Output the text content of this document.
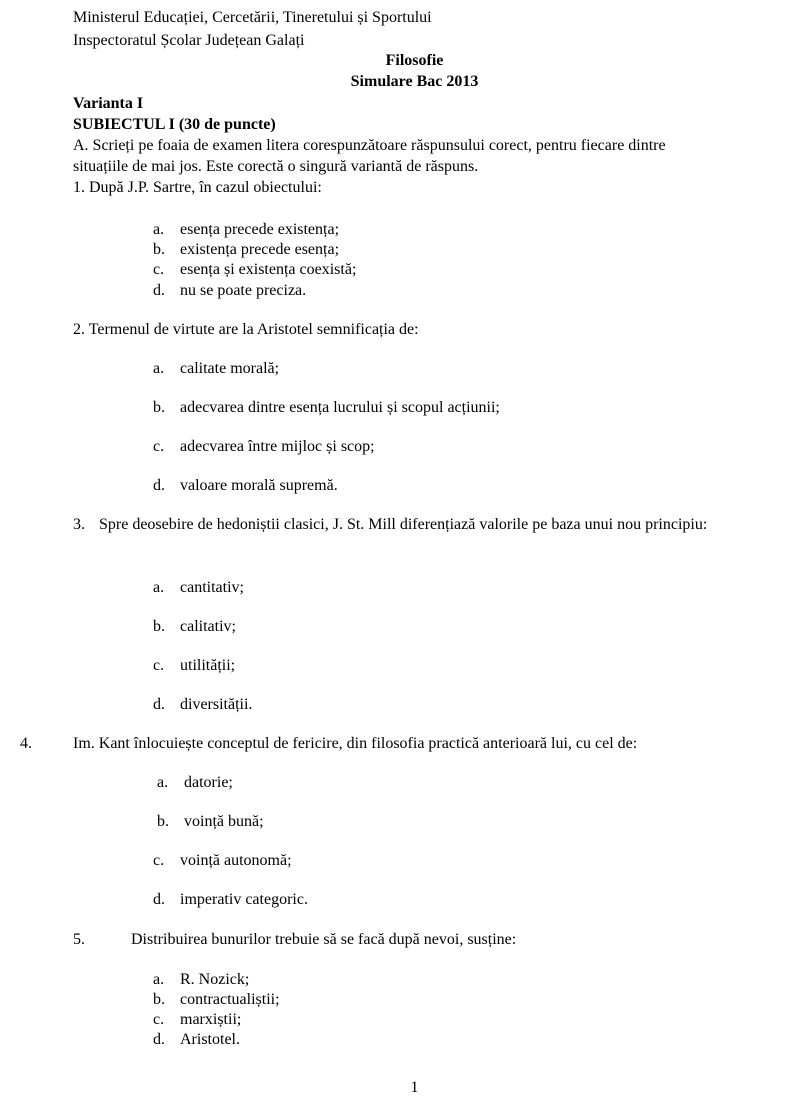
Ministerul Educației, Cercetării, Tineretului și Sportului
Inspectoratul Școlar Județean Galați
Filosofie
Simulare Bac 2013
Varianta I
SUBIECTUL I (30 de puncte)
A. Scrieți pe foaia de examen litera corespunzătoare răspunsului corect, pentru fiecare dintre
situațiile de mai jos. Este corectă o singură variantă de răspuns.
1. După J.P. Sartre, în cazul obiectului:
a. esența precede existența;
b. existența precede esența;
c. esența și existența coexistă;
d. nu se poate preciza.
2. Termenul de virtute are la Aristotel semnificația de:
a. calitate morală;
b. adecvarea dintre esența lucrului și scopul acțiunii;
c. adecvarea între mijloc și scop;
d. valoare morală supremă.
3. Spre deosebire de hedoniștii clasici, J. St. Mill diferențiază valorile pe baza unui nou principiu:
a. cantitativ;
b. calitativ;
c. utilității;
d. diversității.
4.	Im. Kant înlocuiește conceptul de fericire, din filosofia practică anterioară lui, cu cel de:
a. datorie;
b. voință bună;
c. voință autonomă;
d. imperativ categoric.
5.	Distribuirea bunurilor trebuie să se facă după nevoi, susține:
a. R. Nozick;
b. contractualiștii;
c. marxiștii;
d. Aristotel.
1
